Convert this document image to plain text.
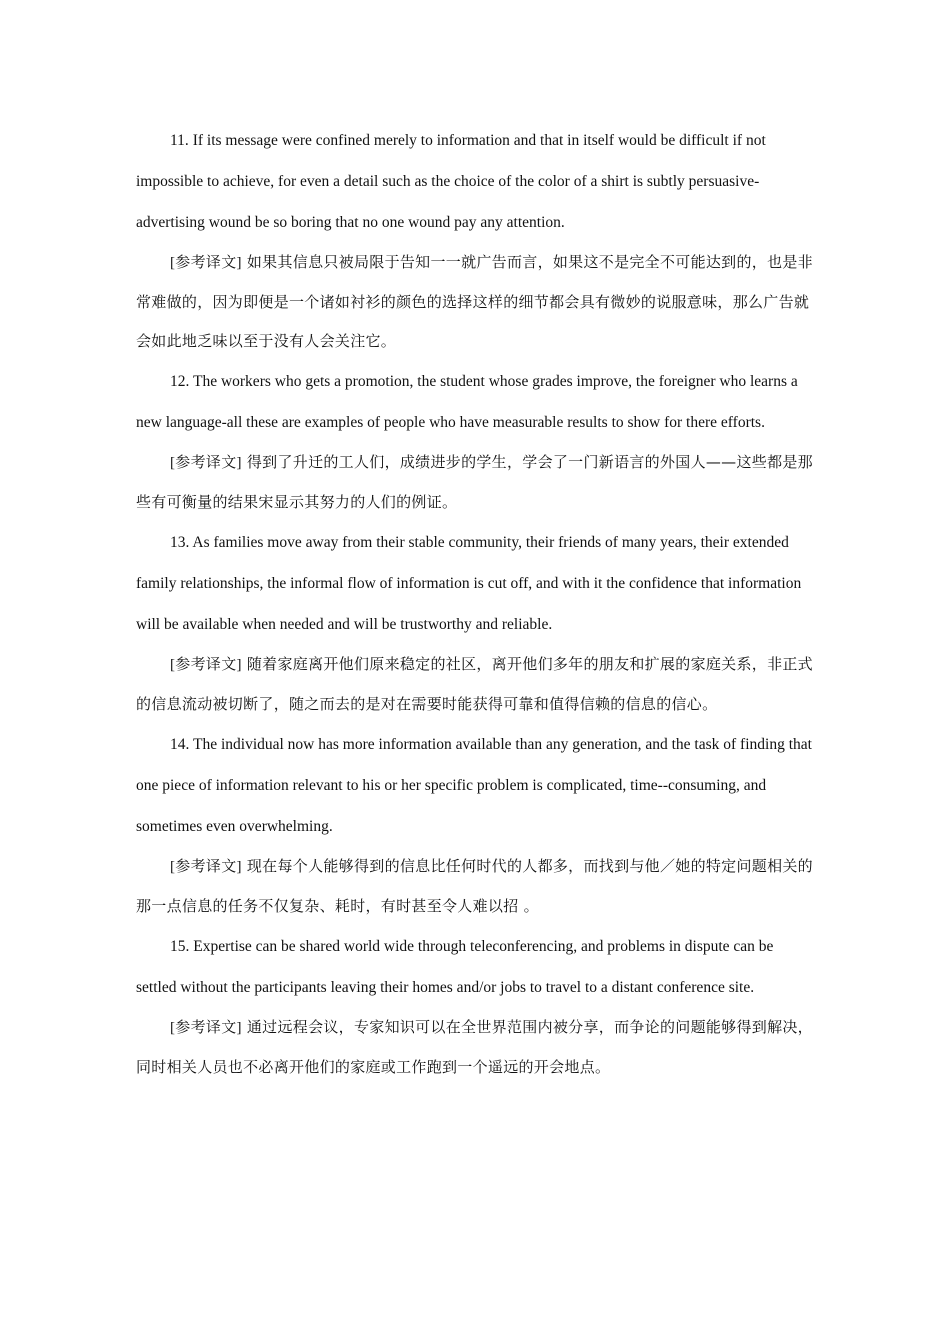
11. If its message were confined merely to information and that in itself would be difficult if not impossible to achieve, for even a detail such as the choice of the color of a shirt is subtly persuasive-advertising wound be so boring that no one wound pay any attention.

[参考译文] 如果其信息只被局限于告知一一就广告而言，如果这不是完全不可能达到的，也是非常难做的，因为即便是一个诸如衬衫的颜色的选择这样的细节都会具有微妙的说服意味，那么广告就会如此地乏味以至于没有人会关注它。

12. The workers who gets a promotion, the student whose grades improve, the foreigner who learns a new language-all these are examples of people who have measurable results to show for there efforts.

[参考译文] 得到了升迁的工人们，成绩进步的学生，学会了一门新语言的外国人——这些都是那些有可衡量的结果宋显示其努力的人们的例证。

13. As families move away from their stable community, their friends of many years, their extended family relationships, the informal flow of information is cut off, and with it the confidence that information will be available when needed and will be trustworthy and reliable.

[参考译文] 随着家庭离开他们原来稳定的社区，离开他们多年的朋友和扩展的家庭关系，非正式的信息流动被切断了，随之而去的是对在需要时能获得可靠和值得信赖的信息的信心。

14. The individual now has more information available than any generation, and the task of finding that one piece of information relevant to his or her specific problem is complicated, time--consuming, and sometimes even overwhelming.

[参考译文] 现在每个人能够得到的信息比任何时代的人都多，而找到与他／她的特定问题相关的那一点信息的任务不仅复杂、耗时，有时甚至令人难以招 。

15. Expertise can be shared world wide through teleconferencing, and problems in dispute can be settled without the participants leaving their homes and/or jobs to travel to a distant conference site.

[参考译文] 通过远程会议，专家知识可以在全世界范围内被分享，而争论的问题能够得到解决，同时相关人员也不必离开他们的家庭或工作跑到一个遥远的开会地点。
